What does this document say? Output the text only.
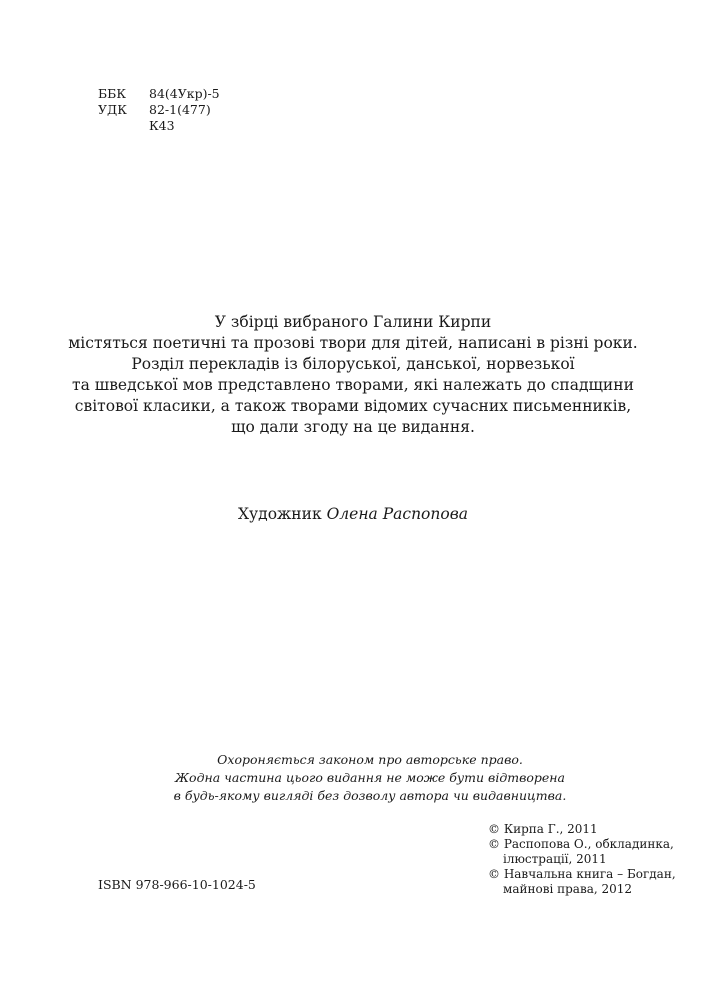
ББК	84(4Укр)-5
УДК	82-1(477)
К43
У збірці вибраного Галини Кирпи
містяться поетичні та прозові твори для дітей, написані в різні роки.
Розділ перекладів із білоруської, данської, норвезької
та шведської мов представлено творами, які належать до спадщини
світової класики, а також творами відомих сучасних письменників,
що дали згоду на це видання.
Художник Олена Распопова
Охороняється законом про авторське право.
Жодна частина цього видання не може бути відтворена
в будь-якому вигляді без дозволу автора чи видавництва.
© Кирпа Г., 2011
© Распопова О., обкладинка,
ілюстрації, 2011
© Навчальна книга – Богдан,
майнові права, 2012
ISBN 978-966-10-1024-5
